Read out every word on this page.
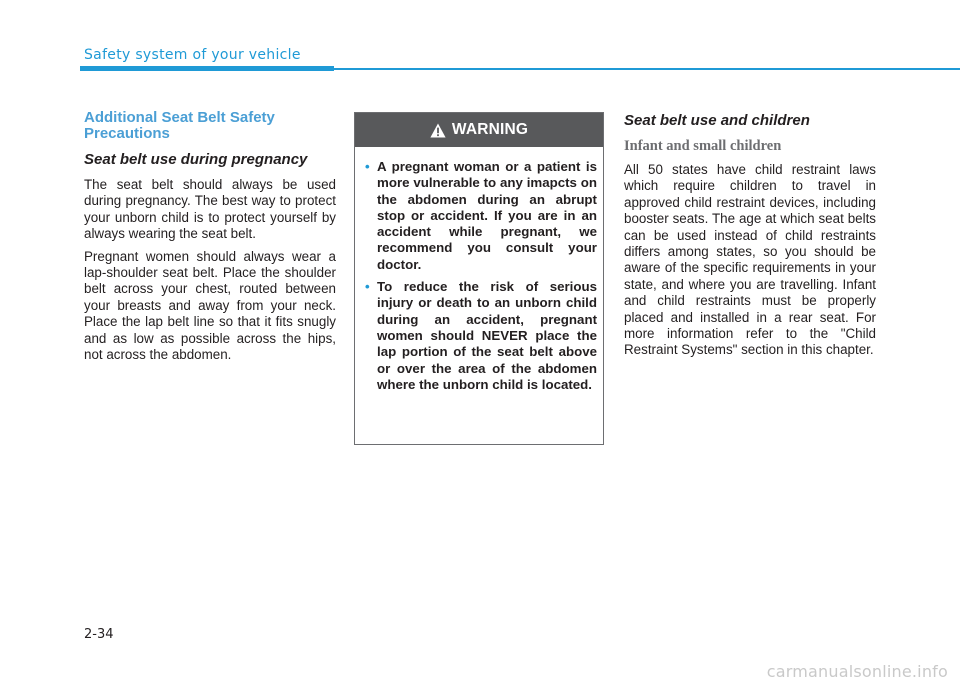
Safety system of your vehicle
Additional Seat Belt Safety Precautions
Seat belt use during pregnancy

The seat belt should always be used during pregnancy. The best way to protect your unborn child is to protect yourself by always wearing the seat belt.

Pregnant women should always wear a lap-shoulder seat belt. Place the shoulder belt across your chest, routed between your breasts and away from your neck. Place the lap belt line so that it fits snugly and as low as possible across the hips, not across the abdomen.

WARNING
• A pregnant woman or a patient is more vulnerable to any imapcts on the abdomen during an abrupt stop or accident. If you are in an accident while pregnant, we recommend you consult your doctor.
• To reduce the risk of serious injury or death to an unborn child during an accident, pregnant women should NEVER place the lap portion of the seat belt above or over the area of the abdomen where the unborn child is located.
Seat belt use and children
Infant and small children

All 50 states have child restraint laws which require children to travel in approved child restraint devices, including booster seats. The age at which seat belts can be used instead of child restraints differs among states, so you should be aware of the specific requirements in your state, and where you are travelling. Infant and child restraints must be properly placed and installed in a rear seat. For more information refer to the "Child Restraint Systems" section in this chapter.

2-34
carmanualsonline.info
